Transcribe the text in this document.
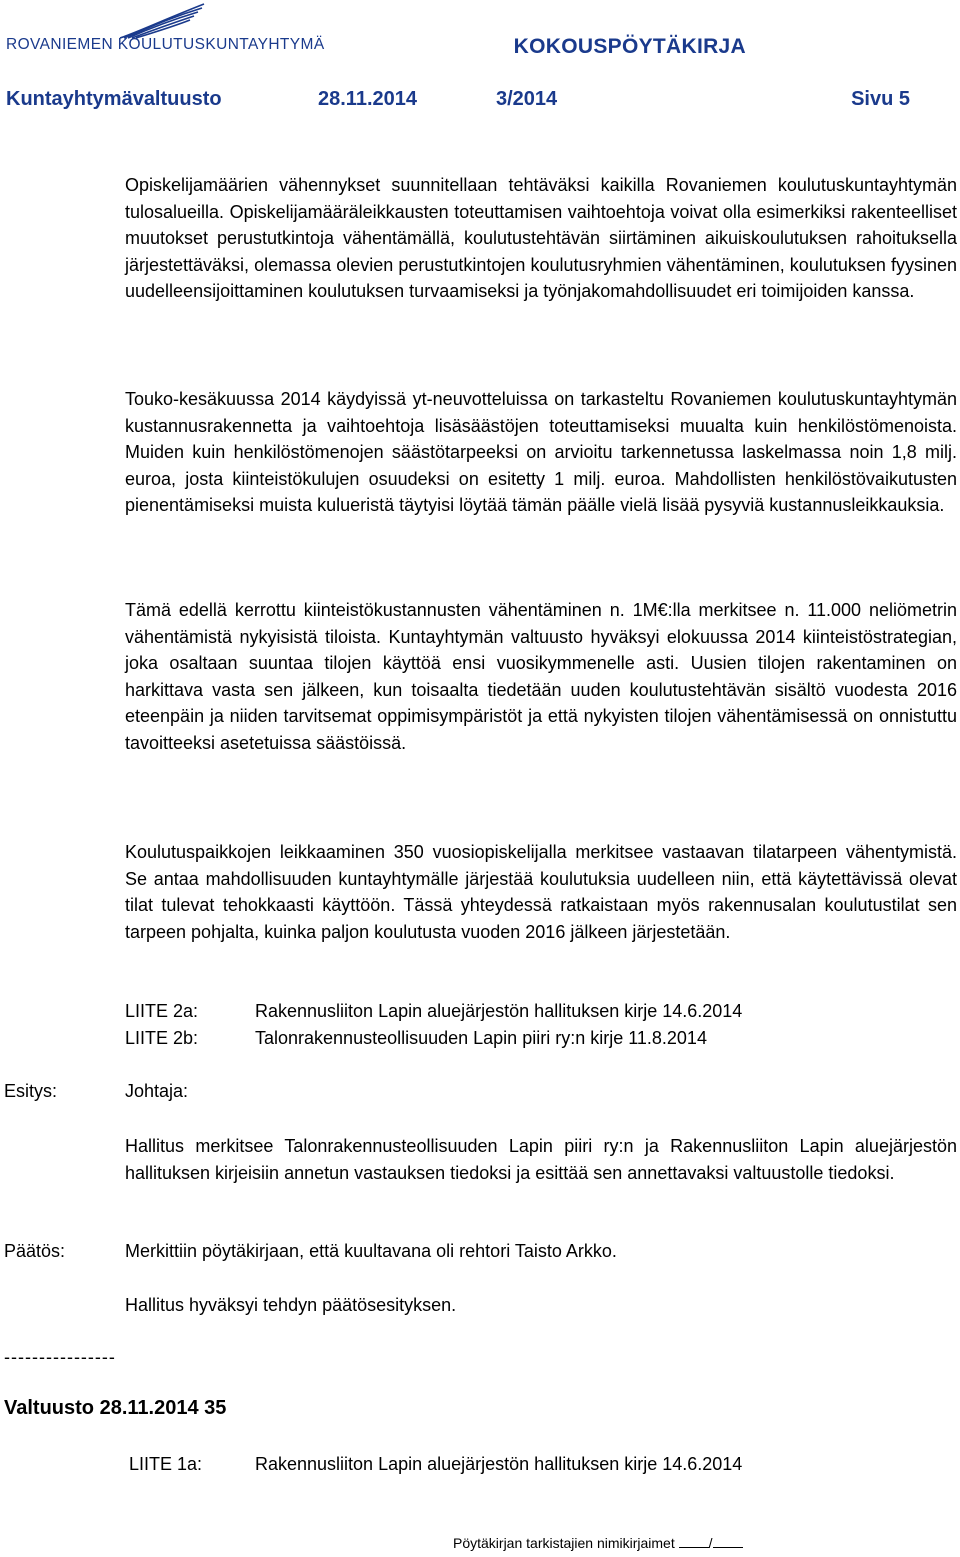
ROVANIEMEN KOULUTUSKUNTAYHTYMÄ	KOKOUSPÖYTÄKIRJA
Kuntayhtymävaltuusto	28.11.2014	3/2014	Sivu 5
Opiskelijamäärien vähennykset suunnitellaan tehtäväksi kaikilla Rovaniemen koulutuskuntayhtymän tulosalueilla. Opiskelijamääräleikkausten toteuttamisen vaihtoehtoja voivat olla esimerkiksi rakenteelliset muutokset perustutkintoja vähentämällä, koulutustehtävän siirtäminen aikuiskoulutuksen rahoituksella järjestettäväksi, olemassa olevien perustutkintojen koulutusryhmien vähentäminen, koulutuksen fyysinen uudelleensijoittaminen koulutuksen turvaamiseksi ja työnjakomahdollisuudet eri toimijoiden kanssa.
Touko-kesäkuussa 2014 käydyissä yt-neuvotteluissa on tarkasteltu Rovaniemen koulutuskuntayhtymän kustannusrakennetta ja vaihtoehtoja lisäsäästöjen toteuttamiseksi muualta kuin henkilöstömenoista. Muiden kuin henkilöstömenojen säästötarpeeksi on arvioitu tarkennetussa laskelmassa noin 1,8 milj. euroa, josta kiinteistökulujen osuudeksi on esitetty 1 milj. euroa. Mahdollisten henkilöstövaikutusten pienentämiseksi muista kulueristä täytyisi löytää tämän päälle vielä lisää pysyviä kustannusleikkauksia.
Tämä edellä kerrottu kiinteistökustannusten vähentäminen n. 1M€:lla merkitsee n. 11.000 neliömetrin vähentämistä nykyisistä tiloista. Kuntayhtymän valtuusto hyväksyi elokuussa 2014 kiinteistöstrategian, joka osaltaan suuntaa tilojen käyttöä ensi vuosikymmenelle asti. Uusien tilojen rakentaminen on harkittava vasta sen jälkeen, kun toisaalta tiedetään uuden koulutustehtävän sisältö vuodesta 2016 eteenpäin ja niiden tarvitsemat oppimisympäristöt ja että nykyisten tilojen vähentämisessä on onnistuttu tavoitteeksi asetetuissa säästöissä.
Koulutuspaikkojen leikkaaminen 350 vuosiopiskelijalla merkitsee vastaavan tilatarpeen vähentymistä. Se antaa mahdollisuuden kuntayhtymälle järjestää koulutuksia uudelleen niin, että käytettävissä olevat tilat tulevat tehokkaasti käyttöön. Tässä yhteydessä ratkaistaan myös rakennusalan koulutustilat sen tarpeen pohjalta, kuinka paljon koulutusta vuoden 2016 jälkeen järjestetään.
LIITE 2a:	Rakennusliiton Lapin aluejärjestön hallituksen kirje 14.6.2014
LIITE 2b:	Talonrakennusteollisuuden Lapin piiri ry:n kirje 11.8.2014
Esitys:	Johtaja:
Hallitus merkitsee Talonrakennusteollisuuden Lapin piiri ry:n ja Rakennusliiton Lapin aluejärjestön hallituksen kirjeisiin annetun vastauksen tiedoksi ja esittää sen annettavaksi valtuustolle tiedoksi.
Päätös:	Merkittiin pöytäkirjaan, että kuultavana oli rehtori Taisto Arkko.
Hallitus hyväksyi tehdyn päätösesityksen.
----------------
Valtuusto 28.11.2014 35
LIITE 1a:	Rakennusliiton Lapin aluejärjestön hallituksen kirje 14.6.2014
Pöytäkirjan tarkistajien nimikirjaimet /
